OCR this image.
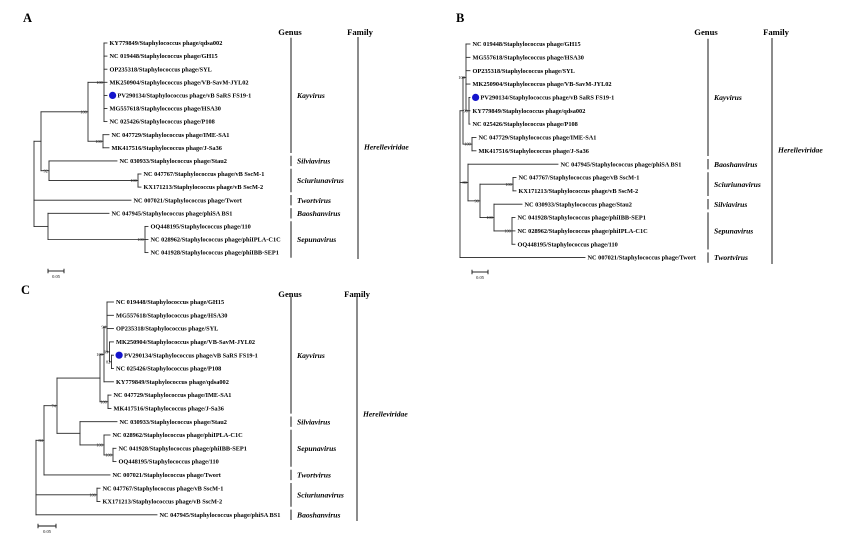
A
Genus	Family
100
100
100
100
92
100
KY779849/Staphylococcus phage/qdsa002
NC 019448/Staphylococcus phage/GH15
OP235318/Staphylococcus phage/SYL
MK250904/Staphylococcus phage/VB-SavM-JYL02
PV290134/Staphylococcus phage/vB SaRS FS19-1
MG557618/Staphylococcus phage/HSA30
NC 025426/Staphylococcus phage/P108
NC 047729/Staphylococcus phage/IME-SA1
MK417516/Staphylococcus phage/J-Sa36
NC 030933/Staphylococcus phage/Stau2
NC 047767/Staphylococcus phage/vB SscM-1
KX171213/Staphylococcus phage/vB SscM-2
NC 007021/Staphylococcus phage/Twort
NC 047945/Staphylococcus phage/phiSA BS1
OQ448195/Staphylococcus phage/110
NC 028962/Staphylococcus phage/phiIPLA-C1C
NC 041928/Staphylococcus phage/phiIBB-SEP1
Kayvirus
Silviavirus
Sciuriunavirus
Twortvirus
Baoshanvirus
Sepunavirus
Herelleviridae
0.05
B
Genus	Family
90
100
100
100
100
100
90
80
NC 019448/Staphylococcus phage/GH15
MG557618/Staphylococcus phage/HSA30
OP235318/Staphylococcus phage/SYL
MK250904/Staphylococcus phage/VB-SavM-JYL02
PV290134/Staphylococcus phage/vB SaRS FS19-1
KY779849/Staphylococcus phage/qdsa002
NC 025426/Staphylococcus phage/P108
NC 047729/Staphylococcus phage/IME-SA1
MK417516/Staphylococcus phage/J-Sa36
NC 047945/Staphylococcus phage/phiSA BS1
NC 047767/Staphylococcus phage/vB SscM-1
KX171213/Staphylococcus phage/vB SscM-2
NC 030933/Staphylococcus phage/Stau2
NC 041928/Staphylococcus phage/phiIBB-SEP1
NC 028962/Staphylococcus phage/phiIPLA-C1C
OQ448195/Staphylococcus phage/110
NC 007021/Staphylococcus phage/Twort
Kayvirus
Baoshanvirus
Sciuriunavirus
Silviavirus
Sepunavirus
Twortvirus
Herelleviridae
0.05
C	Genus	Family
82
99
94
100
100
100
100
74
84
100
NC 019448/Staphylococcus phage/GH15
MG557618/Staphylococcus phage/HSA30
OP235318/Staphylococcus phage/SYL
MK250904/Staphylococcus phage/VB-SavM-JYL02
PV290134/Staphylococcus phage/vB SaRS FS19-1
NC 025426/Staphylococcus phage/P108
KY779849/Staphylococcus phage/qdsa002
NC 047729/Staphylococcus phage/IME-SA1
MK417516/Staphylococcus phage/J-Sa36
NC 030933/Staphylococcus phage/Stau2
NC 028962/Staphylococcus phage/phiIPLA-C1C
NC 041928/Staphylococcus phage/phiIBB-SEP1
OQ448195/Staphylococcus phage/110
NC 007021/Staphylococcus phage/Twort
NC 047767/Staphylococcus phage/vB SscM-1
KX171213/Staphylococcus phage/vB SscM-2
NC 047945/Staphylococcus phage/phiSA BS1
Kayvirus
Silviavirus
Sepunavirus
Twortvirus
Sciuriunavirus
Baoshanvirus
Herelleviridae
0.05
